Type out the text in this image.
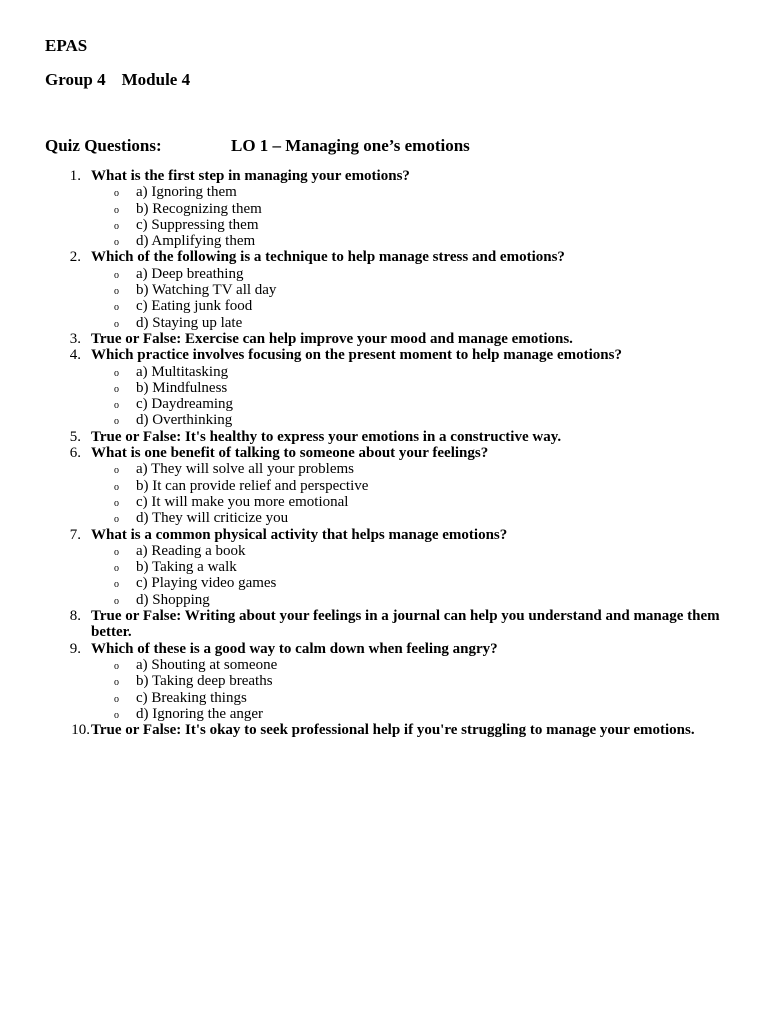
EPAS
Group 4 Module 4
Quiz Questions:	LO 1 – Managing one’s emotions
1. What is the first step in managing your emotions?
o a) Ignoring them
o b) Recognizing them
o c) Suppressing them
o d) Amplifying them
2. Which of the following is a technique to help manage stress and emotions?
o a) Deep breathing
o b) Watching TV all day
o c) Eating junk food
o d) Staying up late
3. True or False: Exercise can help improve your mood and manage emotions.
4. Which practice involves focusing on the present moment to help manage emotions?
o a) Multitasking
o b) Mindfulness
o c) Daydreaming
o d) Overthinking
5. True or False: It's healthy to express your emotions in a constructive way.
6. What is one benefit of talking to someone about your feelings?
o a) They will solve all your problems
o b) It can provide relief and perspective
o c) It will make you more emotional
o d) They will criticize you
7. What is a common physical activity that helps manage emotions?
o a) Reading a book
o b) Taking a walk
o c) Playing video games
o d) Shopping
8. True or False: Writing about your feelings in a journal can help you understand and manage them better.
9. Which of these is a good way to calm down when feeling angry?
o a) Shouting at someone
o b) Taking deep breaths
o c) Breaking things
o d) Ignoring the anger
10. True or False: It's okay to seek professional help if you're struggling to manage your emotions.
